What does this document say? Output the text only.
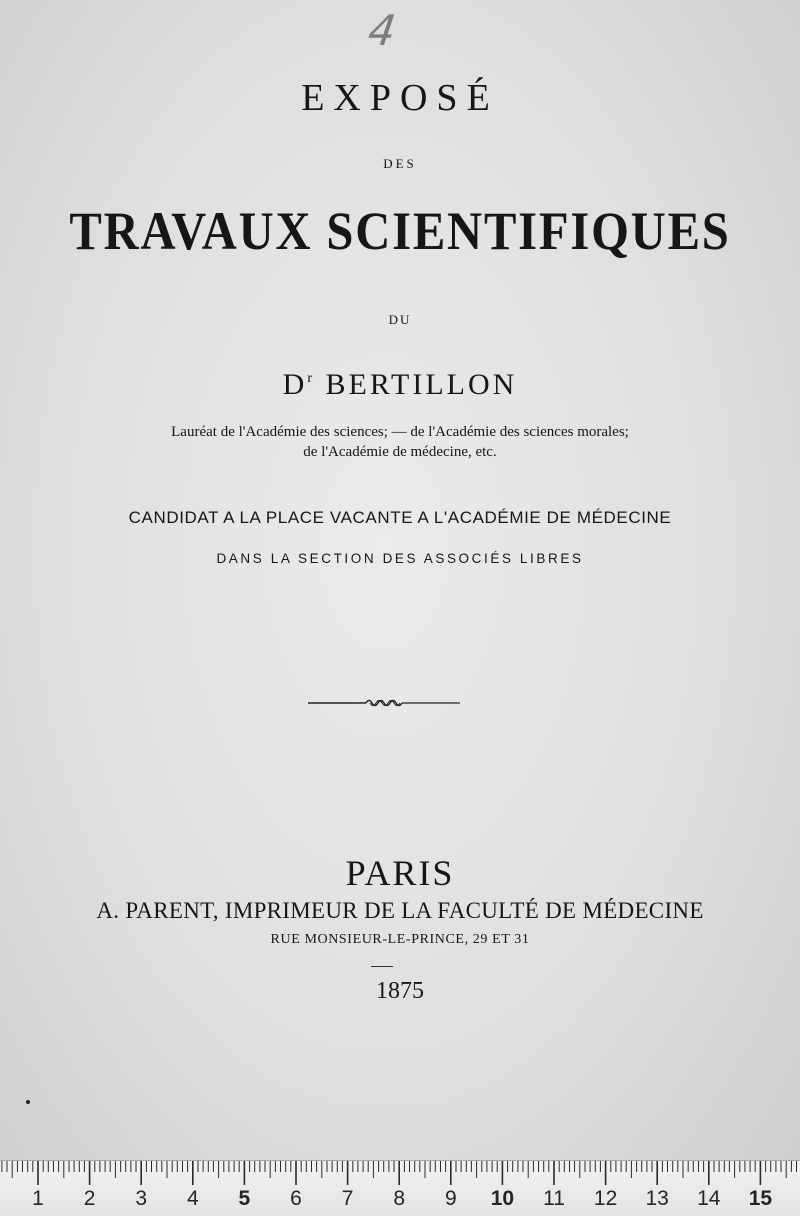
4
EXPOSÉ
DES
TRAVAUX SCIENTIFIQUES
DU
$D^r$ BERTILLON
Lauréat de l'Académie des sciences; — de l'Académie des sciences morales;
de l'Académie de médecine, etc.
CANDIDAT A LA PLACE VACANTE A L'ACADÉMIE DE MÉDECINE
DANS LA SECTION DES ASSOCIÉS LIBRES
PARIS
A. PARENT, IMPRIMEUR DE LA FACULTÉ DE MÉDECINE
RUE MONSIEUR-LE-PRINCE, 29 ET 31
1875
1	2	3	4	5	6	7	8	9	10 11 12 13 14 15
